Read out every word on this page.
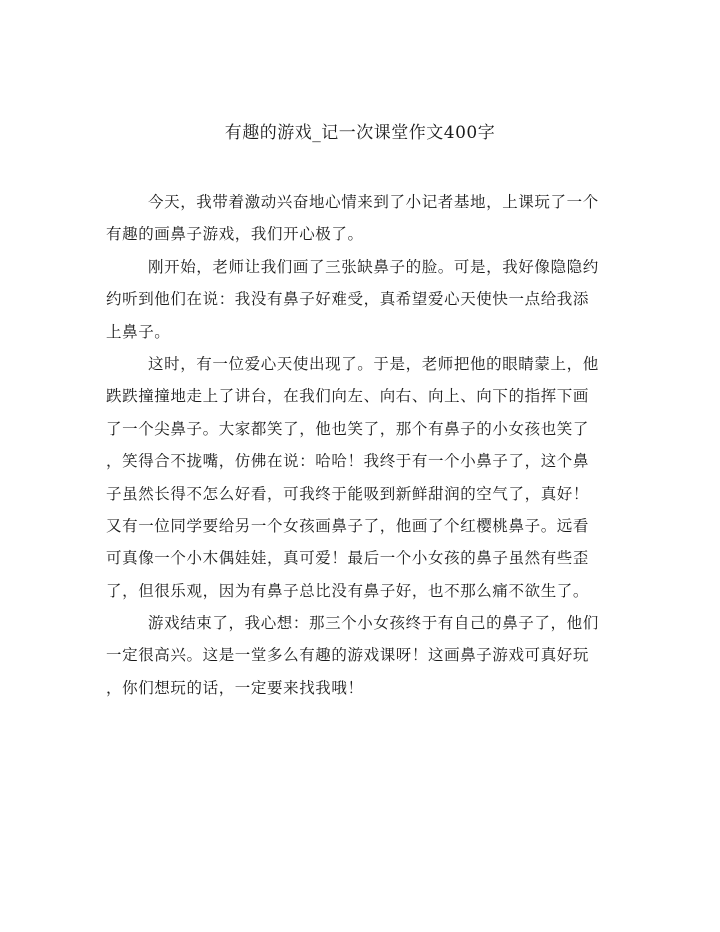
有趣的游戏_记一次课堂作文400字
今天，我带着激动兴奋地心情来到了小记者基地，上课玩了一个
有趣的画鼻子游戏，我们开心极了。
刚开始，老师让我们画了三张缺鼻子的脸。可是，我好像隐隐约
约听到他们在说：我没有鼻子好难受，真希望爱心天使快一点给我添
上鼻子。
这时，有一位爱心天使出现了。于是，老师把他的眼睛蒙上，他
跌跌撞撞地走上了讲台，在我们向左、向右、向上、向下的指挥下画
了一个尖鼻子。大家都笑了，他也笑了，那个有鼻子的小女孩也笑了
，笑得合不拢嘴，仿佛在说：哈哈！我终于有一个小鼻子了，这个鼻
子虽然长得不怎么好看，可我终于能吸到新鲜甜润的空气了，真好！
又有一位同学要给另一个女孩画鼻子了，他画了个红樱桃鼻子。远看
可真像一个小木偶娃娃，真可爱！最后一个小女孩的鼻子虽然有些歪
了，但很乐观，因为有鼻子总比没有鼻子好，也不那么痛不欲生了。
游戏结束了，我心想：那三个小女孩终于有自己的鼻子了，他们
一定很高兴。这是一堂多么有趣的游戏课呀！这画鼻子游戏可真好玩
，你们想玩的话，一定要来找我哦！
